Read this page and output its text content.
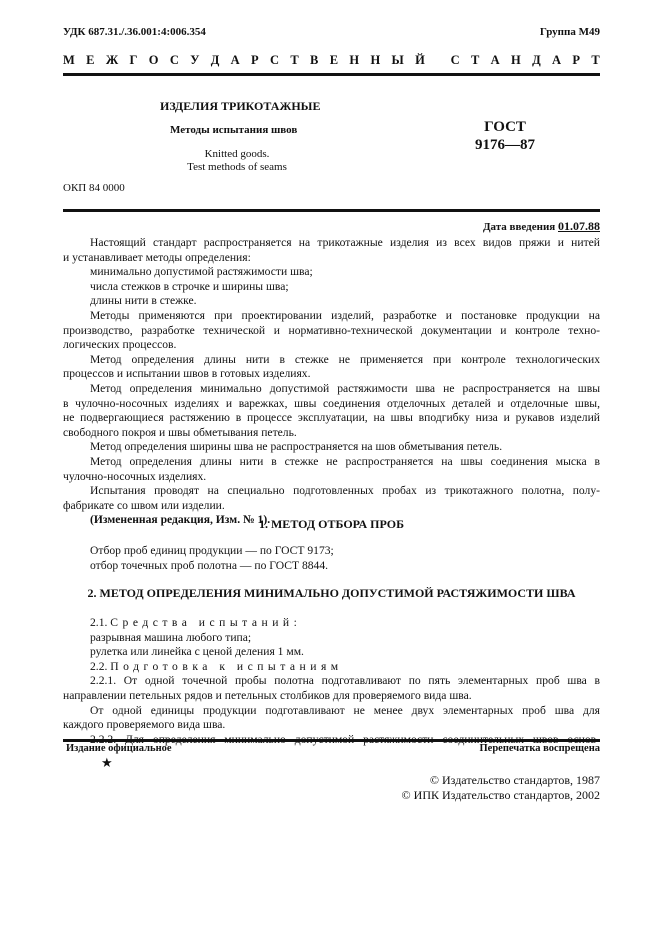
УДК 687.31./.36.001:4:006.354	Группа М49
М Е Ж Г О С У Д А Р С Т В Е Н Н Ы Й
С Т А Н Д А Р Т
ИЗДЕЛИЯ ТРИКОТАЖНЫЕ
Методы испытания швов
Knitted goods.
Test methods of seams
ГОСТ
9176—87
ОКП 84 0000
Дата введения 01.07.88
Настоящий стандарт распространяется на трикотажные изделия из всех видов пряжи и нитей
и устанавливает методы определения:
минимально допустимой растяжимости шва;
числа стежков в строчке и ширины шва;
длины нити в стежке.
Методы применяются при проектировании изделий, разработке и постановке продукции на
производство, разработке технической и нормативно-технической документации и контроле техно-
логических процессов.
Метод определения длины нити в стежке не применяется при контроле технологических
процессов и испытании швов в готовых изделиях.
Метод определения минимально допустимой растяжимости шва не распространяется на швы
в чулочно-носочных изделиях и варежках, швы соединения отделочных деталей и отделочные швы,
не подвергающиеся растяжению в процессе эксплуатации, на швы вподгибку низа и рукавов изделий
свободного покроя и швы обметывания петель.
Метод определения ширины шва не распространяется на шов обметывания петель.
Метод определения длины нити в стежке не распространяется на швы соединения мыска в
чулочно-носочных изделиях.
Испытания проводят на специально подготовленных пробах из трикотажного полотна, полу-
фабрикате со швом или изделии.
(Измененная редакция, Изм. № 1).
1. МЕТОД ОТБОРА ПРОБ
Отбор проб единиц продукции — по ГОСТ 9173;
отбор точечных проб полотна — по ГОСТ 8844.
2. МЕТОД ОПРЕДЕЛЕНИЯ МИНИМАЛЬНО ДОПУСТИМОЙ РАСТЯЖИМОСТИ ШВА
2.1. Средства испытаний:
разрывная машина любого типа;
рулетка или линейка с ценой деления 1 мм.
2.2. Подготовка к испытаниям
2.2.1. От одной точечной пробы полотна подготавливают по пять элементарных проб шва в
направлении петельных рядов и петельных столбиков для проверяемого вида шва.
От одной единицы продукции подготавливают не менее двух элементарных проб шва для
каждого проверяемого вида шва.
Издание официальное	Перепечатка воспрещена
★
© Издательство стандартов, 1987
© ИПК Издательство стандартов, 2002
